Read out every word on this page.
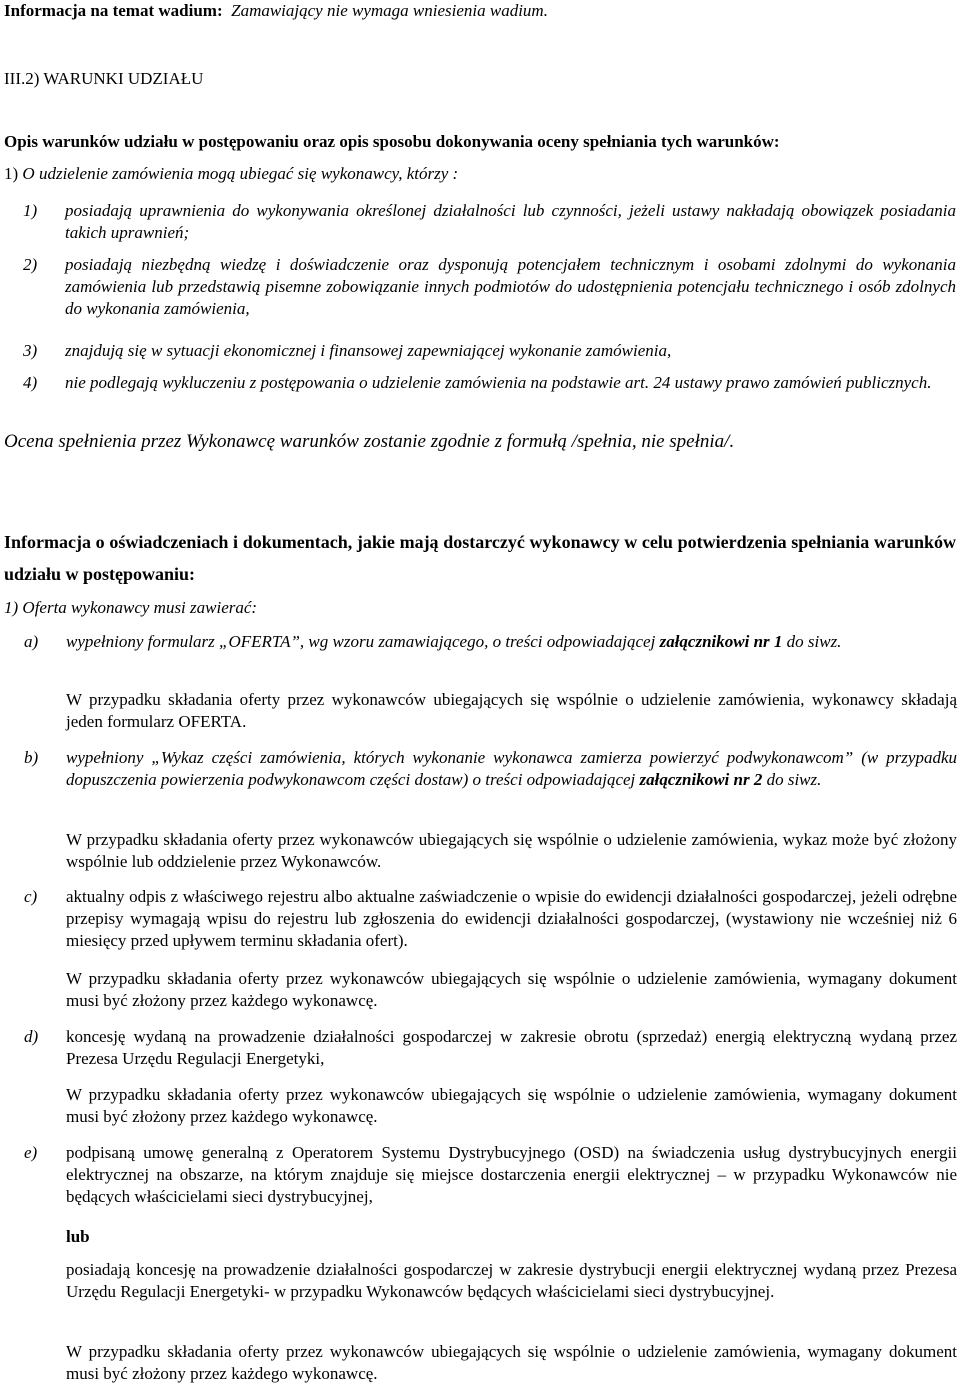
Informacja na temat wadium: Zamawiający nie wymaga wniesienia wadium.

III.2) WARUNKI UDZIAŁU

Opis warunków udziału w postępowaniu oraz opis sposobu dokonywania oceny spełniania tych warunków:

1) O udzielenie zamówienia mogą ubiegać się wykonawcy, którzy :

1) posiadają uprawnienia do wykonywania określonej działalności lub czynności, jeżeli ustawy nakładają obowiązek posiadania takich uprawnień;

2) posiadają niezbędną wiedzę i doświadczenie oraz dysponują potencjałem technicznym i osobami zdolnymi do wykonania zamówienia lub przedstawią pisemne zobowiązanie innych podmiotów do udostępnienia potencjału technicznego i osób zdolnych do wykonania zamówienia,

3) znajdują się w sytuacji ekonomicznej i finansowej zapewniającej wykonanie zamówienia,

4) nie podlegają wykluczeniu z postępowania o udzielenie zamówienia na podstawie art. 24 ustawy prawo zamówień publicznych.

Ocena spełnienia przez Wykonawcę warunków zostanie zgodnie z formułą /spełnia, nie spełnia/.

Informacja o oświadczeniach i dokumentach, jakie mają dostarczyć wykonawcy w celu potwierdzenia spełniania warunków udziału w postępowaniu:

1) Oferta wykonawcy musi zawierać:

a) wypełniony formularz „OFERTA”, wg wzoru zamawiającego, o treści odpowiadającej załącznikowi nr 1 do siwz.

W przypadku składania oferty przez wykonawców ubiegających się wspólnie o udzielenie zamówienia, wykonawcy składają jeden formularz OFERTA.

b) wypełniony „Wykaz części zamówienia, których wykonanie wykonawca zamierza powierzyć podwykonawcom” (w przypadku dopuszczenia powierzenia podwykonawcom części dostaw) o treści odpowiadającej załącznikowi nr 2 do siwz.

W przypadku składania oferty przez wykonawców ubiegających się wspólnie o udzielenie zamówienia, wykaz może być złożony wspólnie lub oddzielenie przez Wykonawców.

c) aktualny odpis z właściwego rejestru albo aktualne zaświadczenie o wpisie do ewidencji działalności gospodarczej, jeżeli odrębne przepisy wymagają wpisu do rejestru lub zgłoszenia do ewidencji działalności gospodarczej, (wystawiony nie wcześniej niż 6 miesięcy przed upływem terminu składania ofert).

W przypadku składania oferty przez wykonawców ubiegających się wspólnie o udzielenie zamówienia, wymagany dokument musi być złożony przez każdego wykonawcę.

d) koncesję wydaną na prowadzenie działalności gospodarczej w zakresie obrotu (sprzedaż) energią elektryczną wydaną przez Prezesa Urzędu Regulacji Energetyki,

W przypadku składania oferty przez wykonawców ubiegających się wspólnie o udzielenie zamówienia, wymagany dokument musi być złożony przez każdego wykonawcę.

e) podpisaną umowę generalną z Operatorem Systemu Dystrybucyjnego (OSD) na świadczenia usług dystrybucyjnych energii elektrycznej na obszarze, na którym znajduje się miejsce dostarczenia energii elektrycznej – w przypadku Wykonawców nie będących właścicielami sieci dystrybucyjnej,

lub

posiadają koncesję na prowadzenie działalności gospodarczej w zakresie dystrybucji energii elektrycznej wydaną przez Prezesa Urzędu Regulacji Energetyki- w przypadku Wykonawców będących właścicielami sieci dystrybucyjnej.

W przypadku składania oferty przez wykonawców ubiegających się wspólnie o udzielenie zamówienia, wymagany dokument musi być złożony przez każdego wykonawcę.
